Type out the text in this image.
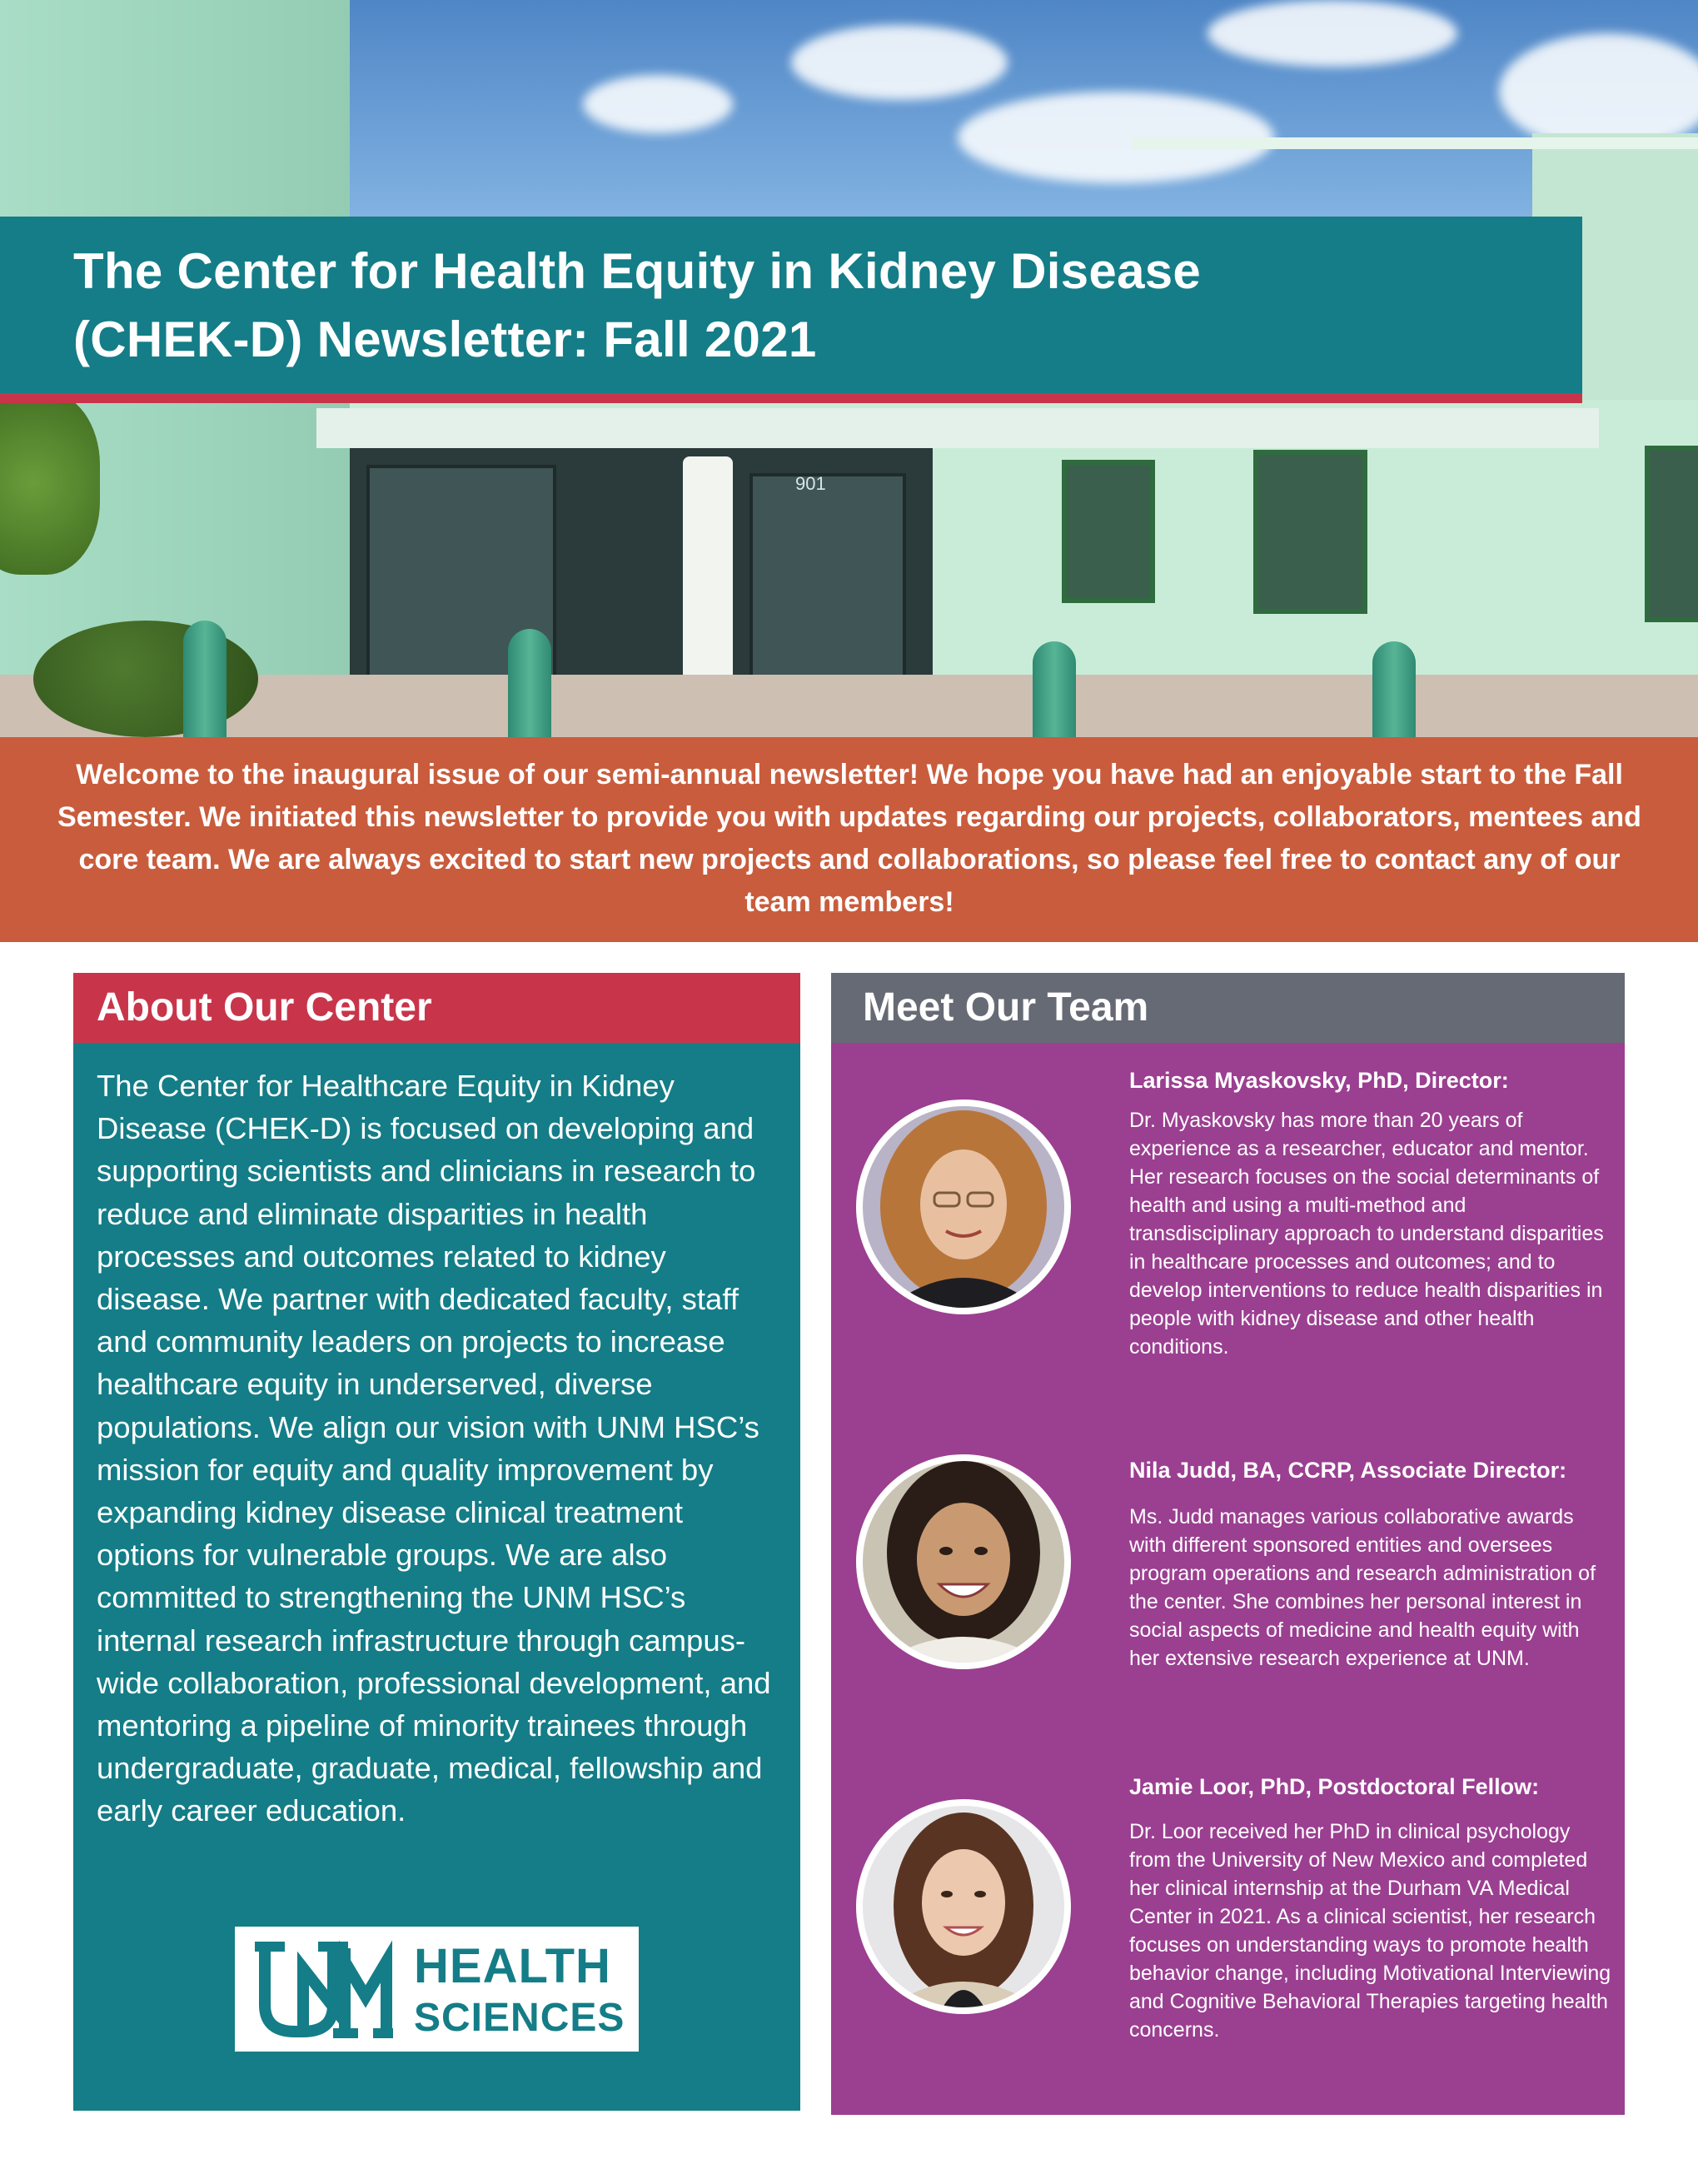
901
The Center for Health Equity in Kidney Disease
(CHEK-D) Newsletter: Fall 2021

Welcome to the inaugural issue of our semi-annual newsletter! We hope you have had an enjoyable start to the Fall Semester. We initiated this newsletter to provide you with updates regarding our projects, collaborators, mentees and core team. We are always excited to start new projects and collaborations, so please feel free to contact any of our team members!

About Our Center

The Center for Healthcare Equity in Kidney Disease (CHEK-D) is focused on developing and supporting scientists and clinicians in research to reduce and eliminate disparities in health processes and outcomes related to kidney disease. We partner with dedicated faculty, staff and community leaders on projects to increase healthcare equity in underserved, diverse populations. We align our vision with UNM HSC’s mission for equity and quality improvement by expanding kidney disease clinical treatment options for vulnerable groups. We are also committed to strengthening the UNM HSC’s internal research infrastructure through campus-wide collaboration, professional development, and mentoring a pipeline of minority trainees through undergraduate, graduate, medical, fellowship and early career education.

HEALTH
SCIENCES
Meet Our Team

Larissa Myaskovsky, PhD, Director:

Dr. Myaskovsky has more than 20 years of experience as a researcher, educator and mentor. Her research focuses on the social determinants of health and using a multi-method and transdisciplinary approach to understand disparities in healthcare processes and outcomes; and to develop interventions to reduce health disparities in people with kidney disease and other health conditions.

Nila Judd, BA, CCRP, Associate Director:

Ms. Judd manages various collaborative awards with different sponsored entities and oversees program operations and research administration of the center. She combines her personal interest in social aspects of medicine and health equity with her extensive research experience at UNM.

Jamie Loor, PhD, Postdoctoral Fellow:

Dr. Loor received her PhD in clinical psychology from the University of New Mexico and completed her clinical internship at the Durham VA Medical Center in 2021. As a clinical scientist, her research focuses on understanding ways to promote health behavior change, including Motivational Interviewing and Cognitive Behavioral Therapies targeting health concerns.
